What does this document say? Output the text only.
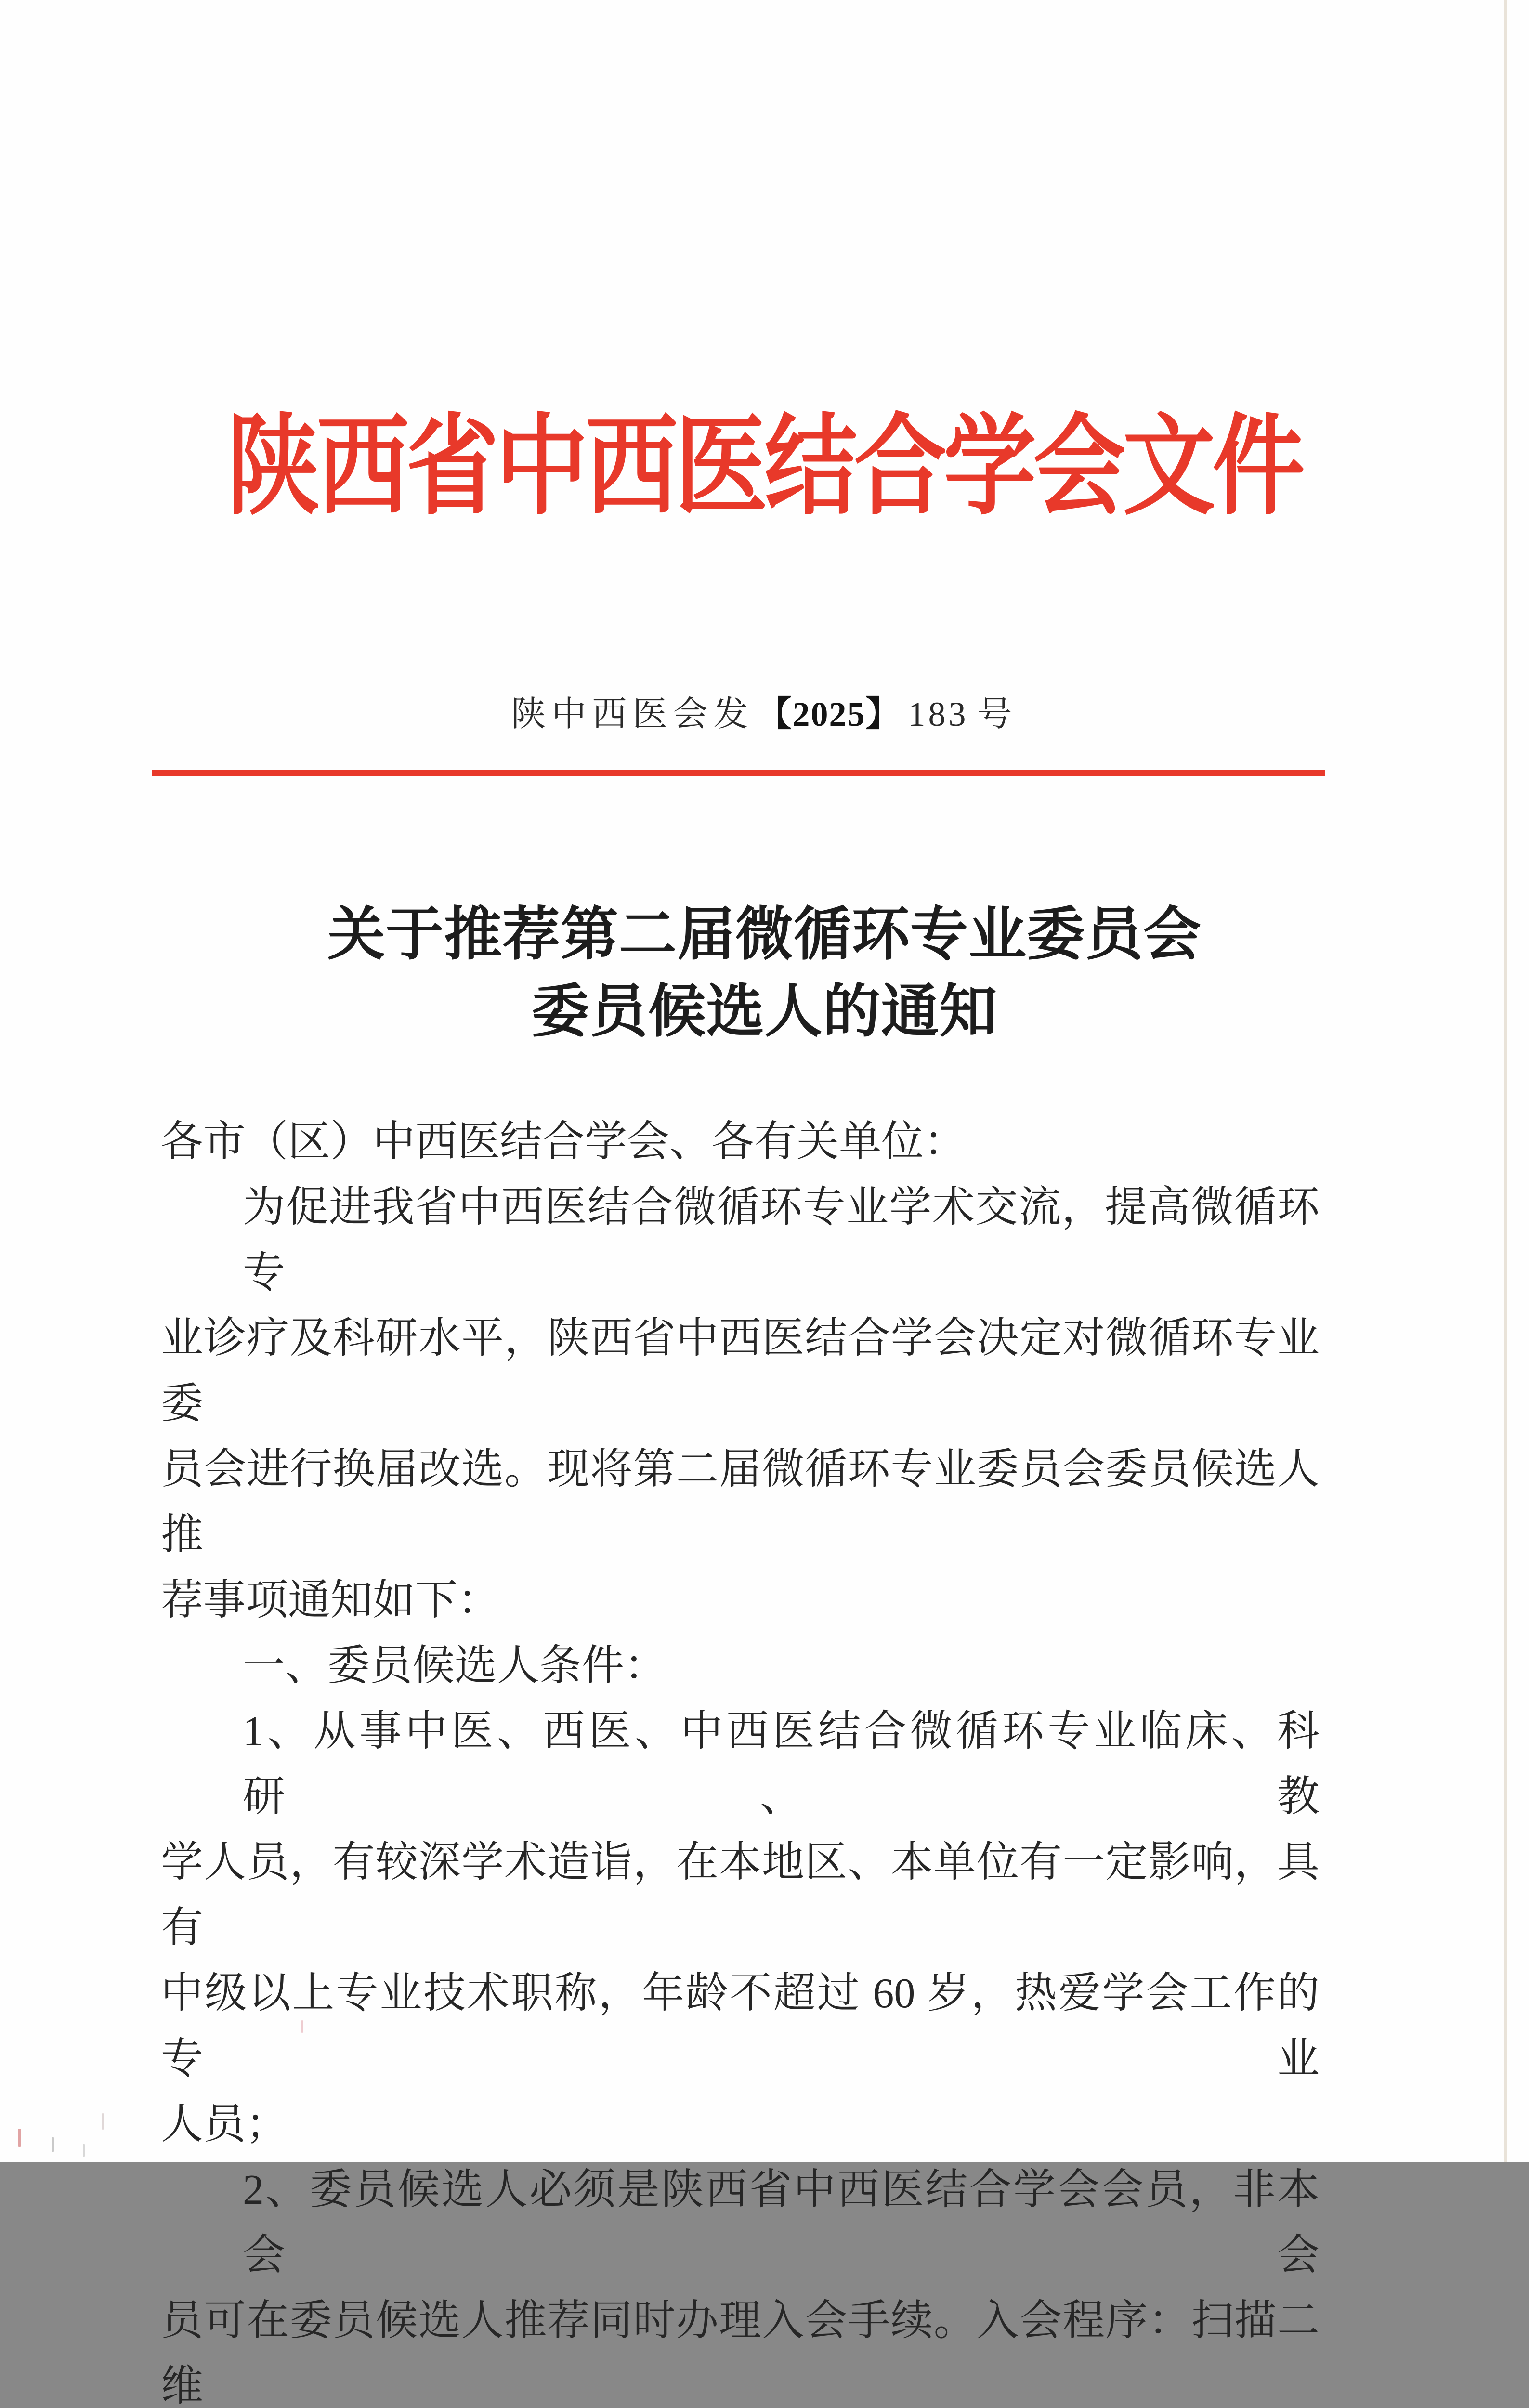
陕西省中西医结合学会文件
陕中西医会发【2025】 183 号
关于推荐第二届微循环专业委员会
委员候选人的通知
各市（区）中西医结合学会、各有关单位：
为促进我省中西医结合微循环专业学术交流，提高微循环专
业诊疗及科研水平，陕西省中西医结合学会决定对微循环专业委
员会进行换届改选。现将第二届微循环专业委员会委员候选人推
荐事项通知如下：
一、委员候选人条件：
1、从事中医、西医、中西医结合微循环专业临床、科研、教
学人员，有较深学术造诣，在本地区、本单位有一定影响，具有
中级以上专业技术职称，年龄不超过 60 岁，热爱学会工作的专业
人员；
2、委员候选人必须是陕西省中西医结合学会会员，非本会会
员可在委员候选人推荐同时办理入会手续。入会程序：扫描二维
